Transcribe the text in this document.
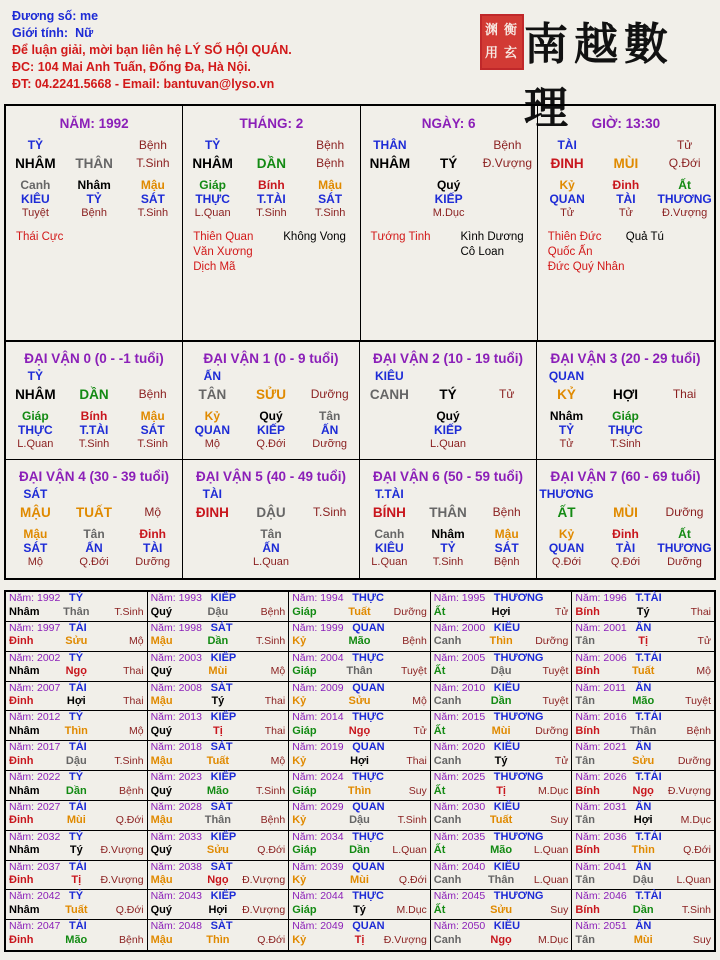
Đương số: me
Giới tính: Nữ
Để luận giải, mời bạn liên hệ LÝ SỐ HỘI QUÁN.
ĐC: 104 Mai Anh Tuấn, Đống Đa, Hà Nội.
ĐT: 04.2241.5668 - Email: bantuvan@lyso.vn
渊 衡
用 玄 南越數理
NĂM: 1992
TỶ	Bệnh
NHÂM	THÂN	T.Sinh
Canh	Nhâm	Mậu
KIÊU	TỶ	SÁT
Tuyệt	Bệnh	T.Sinh
Thái Cực
THÁNG: 2
TỶ	Bệnh
NHÂM	DẦN	Bệnh
Giáp	Bính	Mậu
THỰC	T.TÀI	SÁT
L.Quan	T.Sinh	T.Sinh
Thiên Quan
Văn Xương
Dịch Mã
Không Vong
NGÀY: 6
THÂN	Bệnh
NHÂM	TÝ	Đ.Vượng
Quý
KIẾP
M.Dục
Tướng Tinh	Kình Dương
Cô Loan
GIỜ: 13:30
TÀI	Tử
ĐINH	MÙI	Q.Đới
Kỷ	Đinh	Ất
QUAN	TÀI	THƯƠNG
Tử	Tử	Đ.Vượng
Thiên Đức
Quốc Ấn
Đức Quý Nhân
Quả Tú
ĐẠI VẬN 0 (0 - -1 tuổi)
TỶ
NHÂM	DẦN	Bệnh
Giáp	Bính	Mậu
THỰC	T.TÀI	SÁT
L.Quan	T.Sinh	T.Sinh
ĐẠI VẬN 1 (0 - 9 tuổi)
ẤN
TÂN	SỬU	Dưỡng
Kỷ	Quý	Tân
QUAN	KIẾP	ẤN
Mộ	Q.Đới	Dưỡng
ĐẠI VẬN 2 (10 - 19 tuổi)
KIÊU
CANH	TÝ	Tử
Quý
KIẾP
L.Quan
ĐẠI VẬN 3 (20 - 29 tuổi)
QUAN
KỶ	HỢI	Thai
Nhâm	Giáp
TỶ	THỰC
Tử	T.Sinh
ĐẠI VẬN 4 (30 - 39 tuổi)
SÁT
MẬU	TUẤT	Mộ
Mậu	Tân	Đinh
SÁT	ẤN	TÀI
Mộ	Q.Đới	Dưỡng
ĐẠI VẬN 5 (40 - 49 tuổi)
TÀI
ĐINH	DẬU	T.Sinh
Tân
ẤN
L.Quan
ĐẠI VẬN 6 (50 - 59 tuổi)
T.TÀI
BÍNH	THÂN	Bệnh
Canh	Nhâm	Mậu
KIÊU	TỶ	SÁT
L.Quan	T.Sinh	Bệnh
ĐẠI VẬN 7 (60 - 69 tuổi)
THƯƠNG
ẤT	MÙI	Dưỡng
Kỷ	Đinh	Ất
QUAN	TÀI	THƯƠNG
Q.Đới	Q.Đới	Dưỡng
Năm: 1992 TỶ
Nhâm	Thân	T.Sinh
Năm: 1993 KIẾP
Quý	Dậu	Bệnh
Năm: 1994 THỰC
Giáp	Tuất	Dưỡng
Năm: 1995 THƯƠNG
Ất	Hợi	Tử
Năm: 1996 T.TÀI
Bính	Tý	Thai
Năm: 1997 TÀI
Đinh	Sửu	Mộ
Năm: 1998 SÁT
Mậu	Dần	T.Sinh
Năm: 1999 QUAN
Kỷ	Mão	Bệnh
Năm: 2000 KIÊU
Canh	Thìn	Dưỡng
Năm: 2001 ẤN
Tân	Tị	Tử
Năm: 2002 TỶ
Nhâm	Ngọ	Thai
Năm: 2003 KIẾP
Quý	Mùi	Mộ
Năm: 2004 THỰC
Giáp	Thân	Tuyệt
Năm: 2005 THƯƠNG
Ất	Dậu	Tuyệt
Năm: 2006 T.TÀI
Bính	Tuất	Mộ
Năm: 2007 TÀI
Đinh	Hợi	Thai
Năm: 2008 SÁT
Mậu	Tý	Thai
Năm: 2009 QUAN
Kỷ	Sửu	Mộ
Năm: 2010 KIÊU
Canh	Dần	Tuyệt
Năm: 2011 ẤN
Tân	Mão	Tuyệt
Năm: 2012 TỶ
Nhâm	Thìn	Mộ
Năm: 2013 KIẾP
Quý	Tị	Thai
Năm: 2014 THỰC
Giáp	Ngọ	Tử
Năm: 2015 THƯƠNG
Ất	Mùi	Dưỡng
Năm: 2016 T.TÀI
Bính	Thân	Bệnh
Năm: 2017 TÀI
Đinh	Dậu	T.Sinh
Năm: 2018 SÁT
Mậu	Tuất	Mộ
Năm: 2019 QUAN
Kỷ	Hợi	Thai
Năm: 2020 KIÊU
Canh	Tý	Tử
Năm: 2021 ẤN
Tân	Sửu	Dưỡng
Năm: 2022 TỶ
Nhâm	Dần	Bệnh
Năm: 2023 KIẾP
Quý	Mão	T.Sinh
Năm: 2024 THỰC
Giáp	Thìn	Suy
Năm: 2025 THƯƠNG
Ất	Tị	M.Dục
Năm: 2026 T.TÀI
Bính	Ngọ	Đ.Vượng
Năm: 2027 TÀI
Đinh	Mùi	Q.Đới
Năm: 2028 SÁT
Mậu	Thân	Bệnh
Năm: 2029 QUAN
Kỷ	Dậu	T.Sinh
Năm: 2030 KIÊU
Canh	Tuất	Suy
Năm: 2031 ẤN
Tân	Hợi	M.Dục
Năm: 2032 TỶ
Nhâm	Tý	Đ.Vượng
Năm: 2033 KIẾP
Quý	Sửu	Q.Đới
Năm: 2034 THỰC
Giáp	Dần	L.Quan
Năm: 2035 THƯƠNG
Ất	Mão	L.Quan
Năm: 2036 T.TÀI
Bính	Thìn	Q.Đới
Năm: 2037 TÀI
Đinh	Tị	Đ.Vượng
Năm: 2038 SÁT
Mậu	Ngọ	Đ.Vượng
Năm: 2039 QUAN
Kỷ	Mùi	Q.Đới
Năm: 2040 KIÊU
Canh	Thân	L.Quan
Năm: 2041 ẤN
Tân	Dậu	L.Quan
Năm: 2042 TỶ
Nhâm	Tuất	Q.Đới
Năm: 2043 KIẾP
Quý	Hợi	Đ.Vượng
Năm: 2044 THỰC
Giáp	Tý	M.Dục
Năm: 2045 THƯƠNG
Ất	Sửu	Suy
Năm: 2046 T.TÀI
Bính	Dần	T.Sinh
Năm: 2047 TÀI
Đinh	Mão	Bệnh
Năm: 2048 SÁT
Mậu	Thìn	Q.Đới
Năm: 2049 QUAN
Kỷ	Tị	Đ.Vượng
Năm: 2050 KIÊU
Canh	Ngọ	M.Dục
Năm: 2051 ẤN
Tân	Mùi	Suy
